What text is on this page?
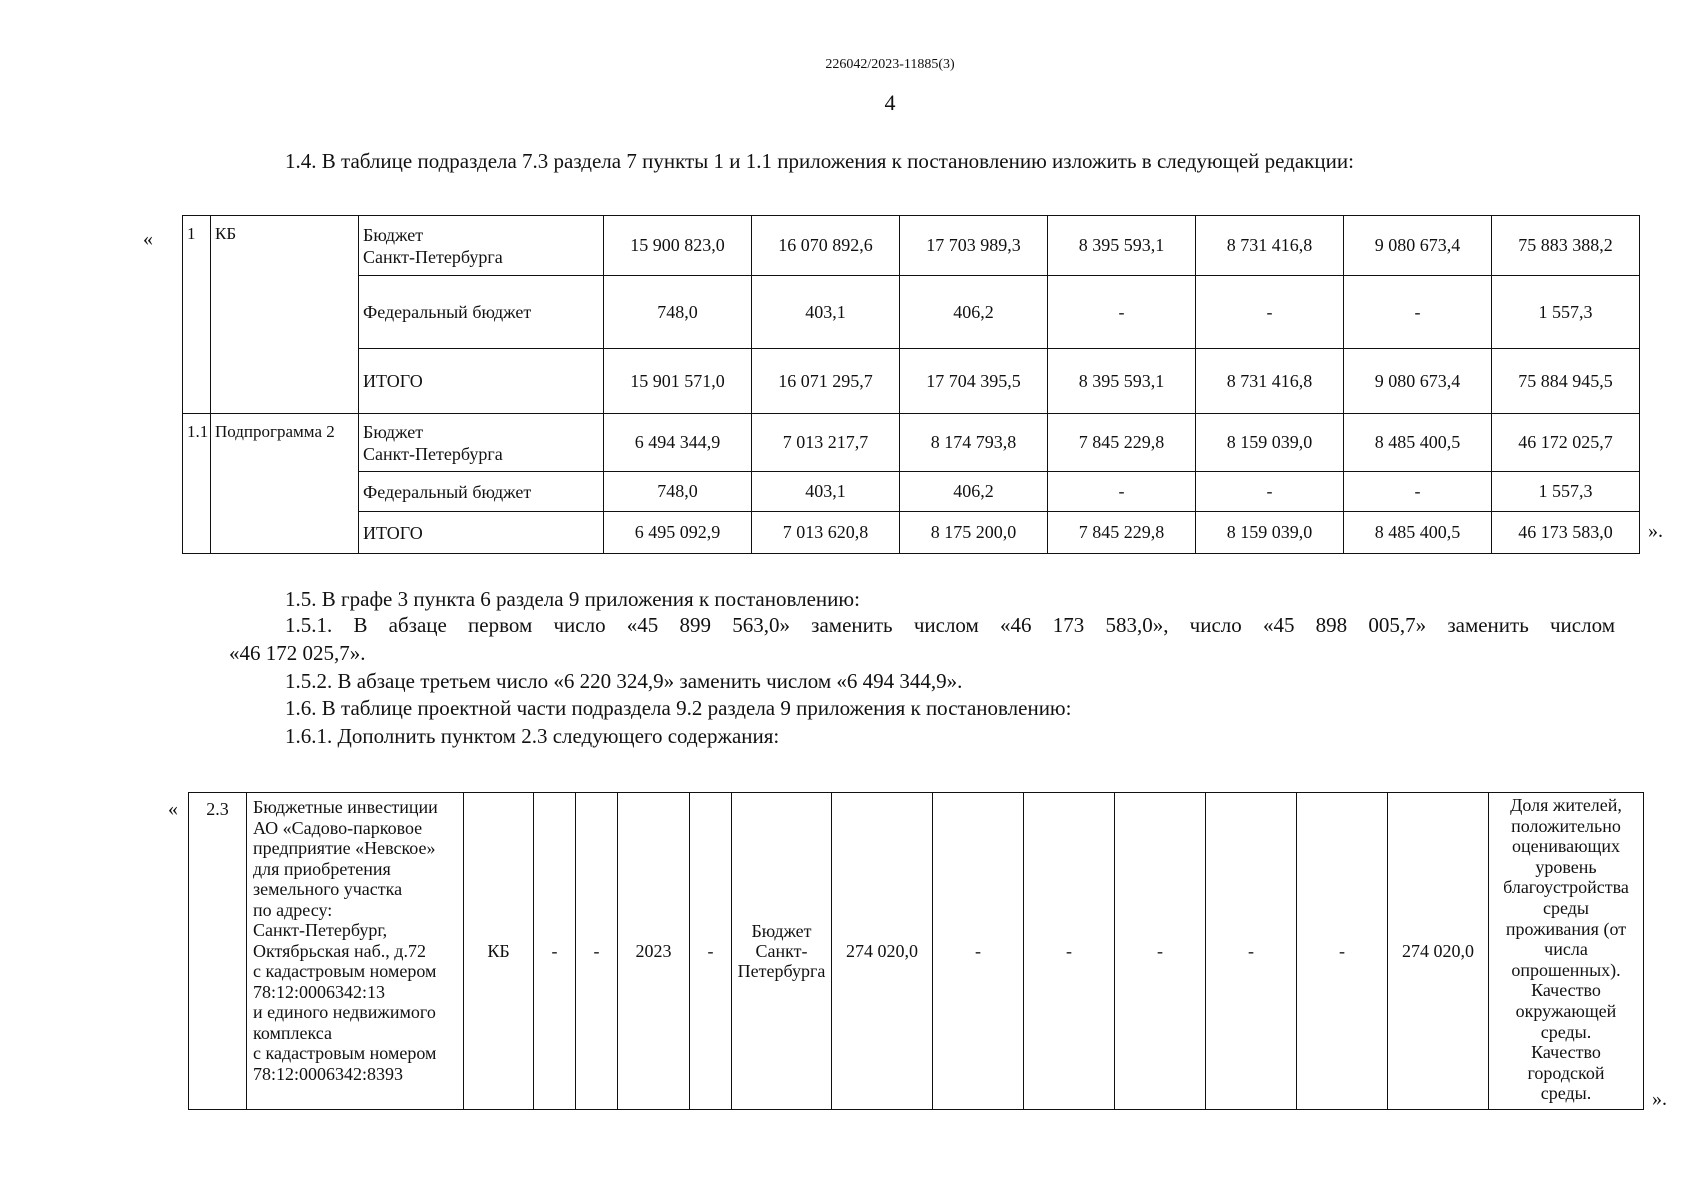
226042/2023-11885(3)
4
1.4. В таблице подраздела 7.3 раздела 7 пункты 1 и 1.1 приложения к постановлению изложить в следующей редакции:
« 1	КБ	Бюджет
Санкт-Петербурга	15 900 823,0	16 070 892,6	17 703 989,3	8 395 593,1	8 731 416,8	9 080 673,4	75 883 388,2
		Федеральный бюджет	748,0	403,1	406,2	-	-	-	1 557,3
		ИТОГО	15 901 571,0	16 071 295,7	17 704 395,5	8 395 593,1	8 731 416,8	9 080 673,4	75 884 945,5
1.1	Подпрограмма 2	Бюджет
Санкт-Петербурга	6 494 344,9	7 013 217,7	8 174 793,8	7 845 229,8	8 159 039,0	8 485 400,5	46 172 025,7
		Федеральный бюджет	748,0	403,1	406,2	-	-	-	1 557,3
		ИТОГО	6 495 092,9	7 013 620,8	8 175 200,0	7 845 229,8	8 159 039,0	8 485 400,5	46 173 583,0 ».
1.5. В графе 3 пункта 6 раздела 9 приложения к постановлению:
1.5.1. В абзаце первом число «45 899 563,0» заменить числом «46 173 583,0», число «45 898 005,7» заменить числом
«46 172 025,7».
1.5.2. В абзаце третьем число «6 220 324,9» заменить числом «6 494 344,9».
1.6. В таблице проектной части подраздела 9.2 раздела 9 приложения к постановлению:
1.6.1. Дополнить пунктом 2.3 следующего содержания:
« 2.3	Бюджетные инвестиции
АО «Садово-парковое
предприятие «Невское»
для приобретения
земельного участка
по адресу:
Санкт-Петербург,
Октябрьская наб., д.72
с кадастровым номером
78:12:0006342:13
и единого недвижимого
комплекса
с кадастровым номером
78:12:0006342:8393	КБ	-	-	2023	-	Бюджет
Санкт-
Петербурга	274 020,0	-	-	-	-	-	274 020,0	Доля жителей,
положительно
оценивающих
уровень
благоустройства
среды
проживания (от
числа
опрошенных).
Качество
окружающей
среды.
Качество
городской
среды.	».
